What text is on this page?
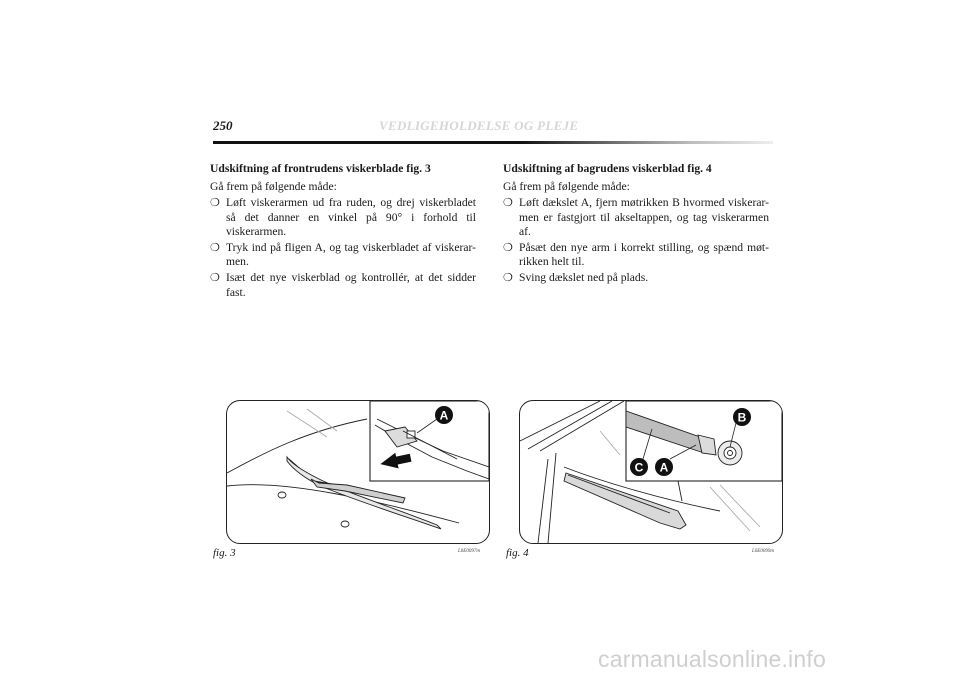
250	VEDLIGEHOLDELSE OG PLEJE
Udskiftning af frontrudens viskerblade fig. 3

Gå frem på følgende måde:

❍ Løft viskerarmen ud fra ruden, og drej viskerbladet så det danner en vinkel på 90° i forhold til viskerarmen.
❍ Tryk ind på fligen A, og tag viskerbladet af viskerar-men.
❍ Isæt det nye viskerblad og kontrollér, at det sidder fast.
Udskiftning af bagrudens viskerblad fig. 4

Gå frem på følgende måde:

❍ Løft dækslet A, fjern møtrikken B hvormed viskerar-men er fastgjort til akseltappen, og tag viskerarmen af.
❍ Påsæt den nye arm i korrekt stilling, og spænd møt-rikken helt til.
❍ Sving dækslet ned på plads.
A
fig. 3	L0E0097m
B
C A
fig. 4	L0E0099m
carmanualsonline.info
